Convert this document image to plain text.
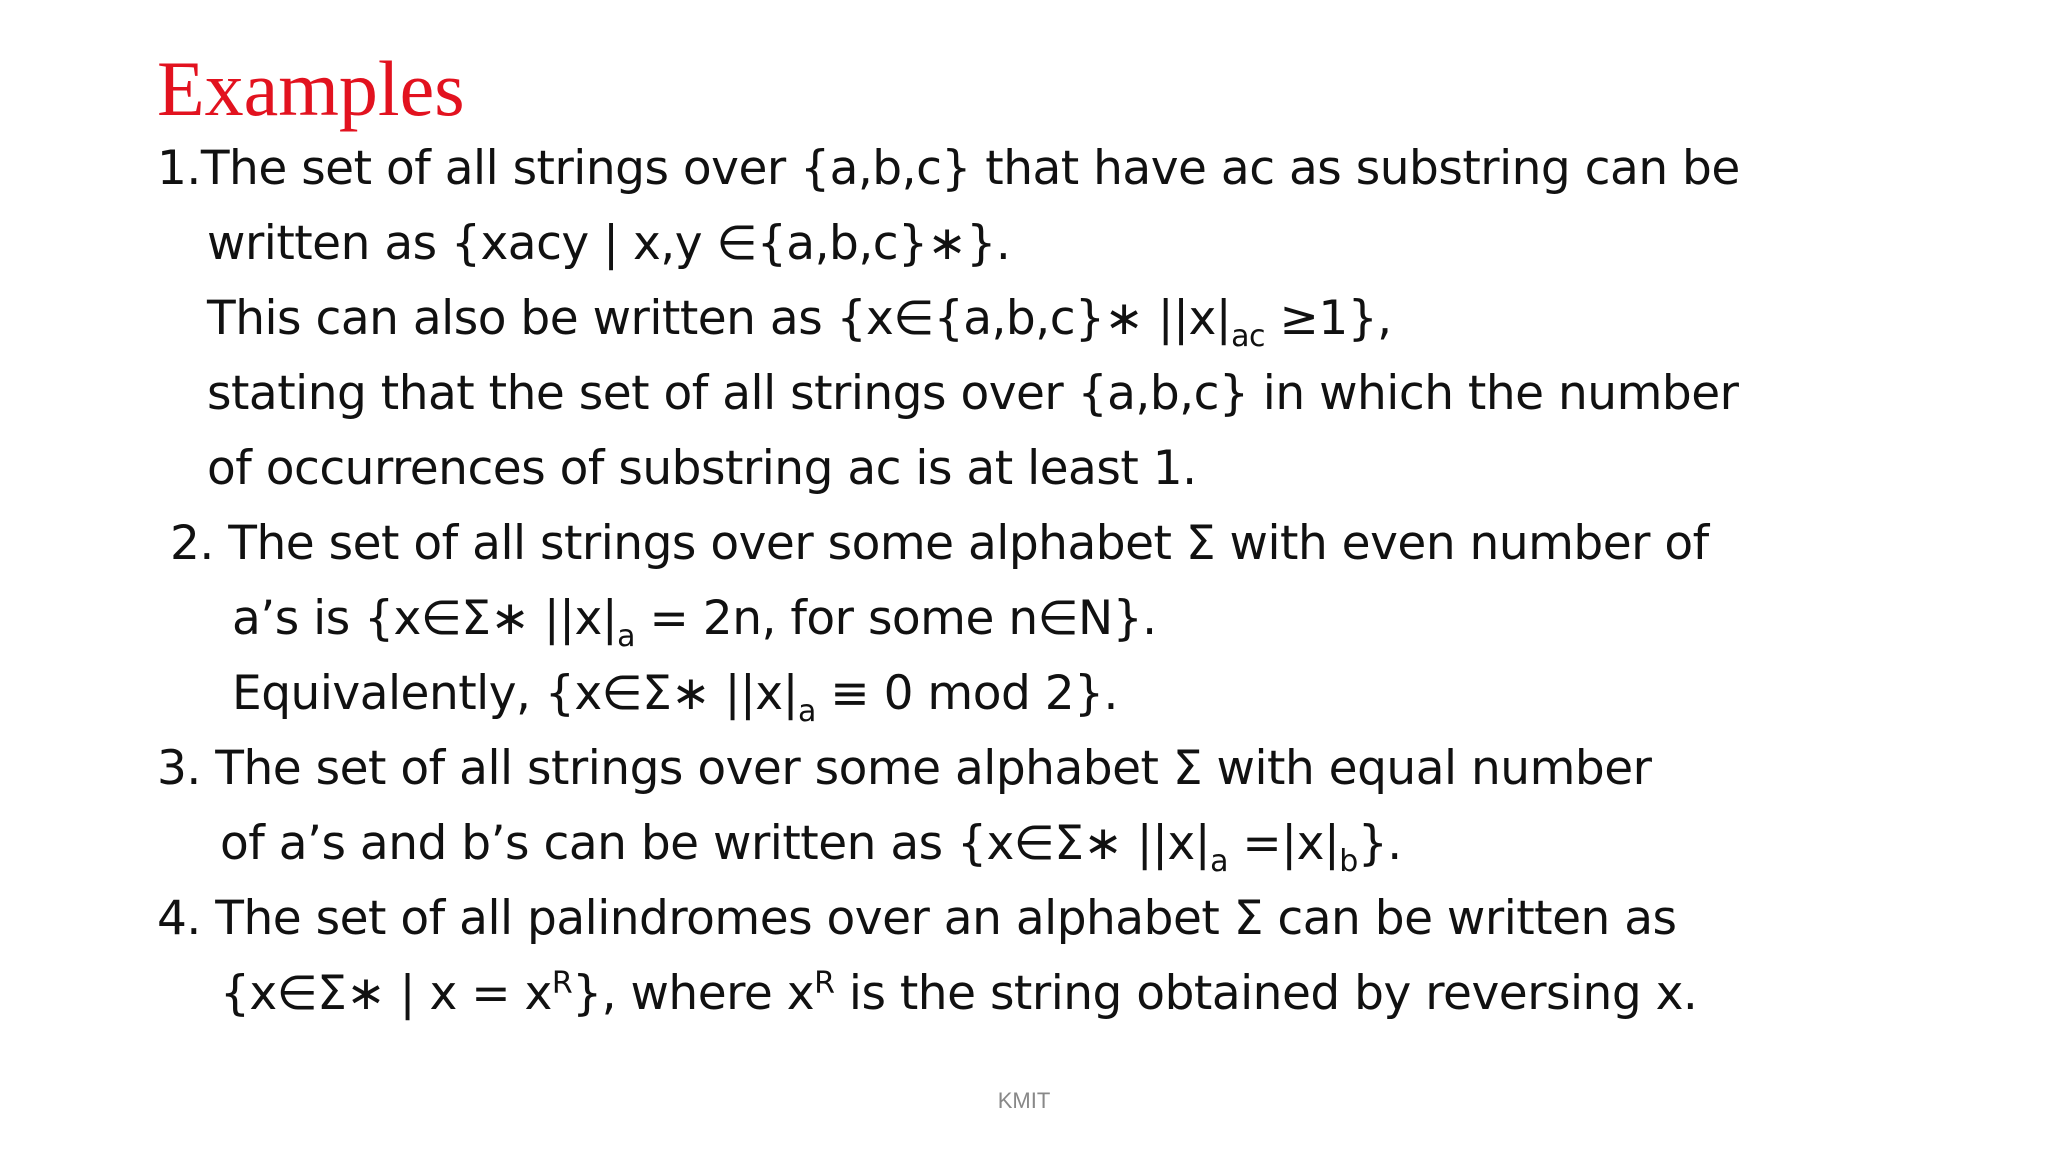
Examples
1.The set of all strings over {a,b,c} that have ac as substring can be
written as {xacy | x,y ∈{a,b,c}∗}.
This can also be written as {x∈{a,b,c}∗ $||x|_{ac} \ge 1$},
stating that the set of all strings over {a,b,c} in which the number
of occurrences of substring ac is at least 1.
2. The set of all strings over some alphabet Σ with even number of
a’s is {x∈Σ∗ $||x|_a = 2n$, for some n∈N}.
Equivalently, {x∈Σ∗ $||x|_a \equiv 0$ mod 2}.
3. The set of all strings over some alphabet Σ with equal number
of a’s and b’s can be written as {x∈Σ∗ $||x|_a =|x|_b$}.
4. The set of all palindromes over an alphabet Σ can be written as
{x∈Σ∗ | $x = x^R$}, where $x^R$ is the string obtained by reversing x.
KMIT
